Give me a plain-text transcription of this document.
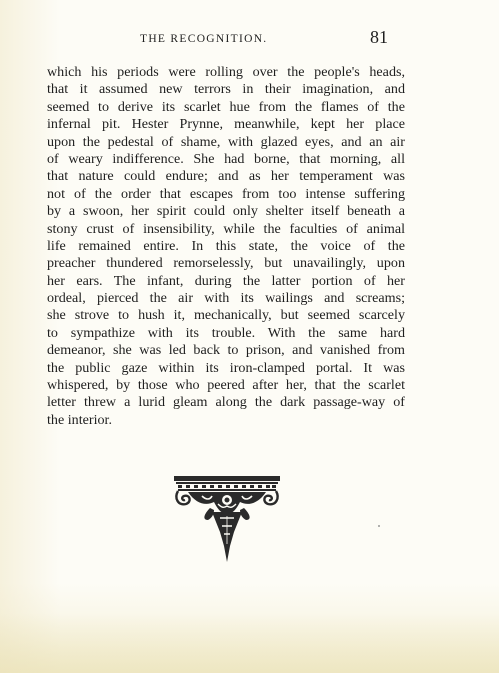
THE RECOGNITION.	81
which his periods were rolling over the people's heads,
that it assumed new terrors in their imagination, and
seemed to derive its scarlet hue from the flames of the
infernal pit. Hester Prynne, meanwhile, kept her place
upon the pedestal of shame, with glazed eyes, and an air
of weary indifference. She had borne, that morning, all
that nature could endure; and as her temperament was
not of the order that escapes from too intense suffering
by a swoon, her spirit could only shelter itself beneath a
stony crust of insensibility, while the faculties of animal
life remained entire. In this state, the voice of the
preacher thundered remorselessly, but unavailingly, upon
her ears. The infant, during the latter portion of her
ordeal, pierced the air with its wailings and screams;
she strove to hush it, mechanically, but seemed scarcely
to sympathize with its trouble. With the same hard
demeanor, she was led back to prison, and vanished from
the public gaze within its iron-clamped portal. It was
whispered, by those who peered after her, that the scarlet
letter threw a lurid gleam along the dark passage-way of
the interior.
